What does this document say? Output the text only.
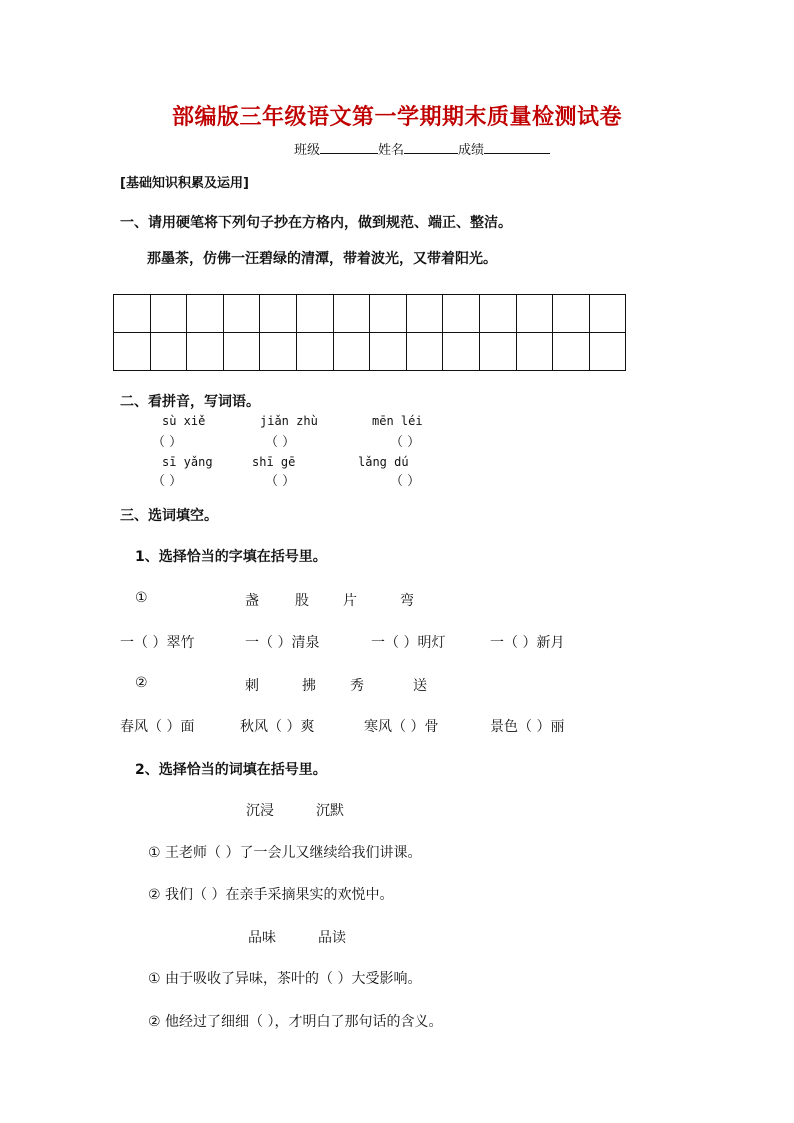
部编版三年级语文第一学期期末质量检测试卷
班级	姓名	成绩
[基础知识积累及运用]
一、请用硬笔将下列句子抄在方格内，做到规范、端正、整洁。
那墨茶，仿佛一汪碧绿的清潭，带着波光，又带着阳光。

二、看拼音，写词语。
sù xiě	jiǎn zhù	mēn léi
（ ）	（ ）	（ ）
sī yǎng	shī gē	lǎng dú
（ ）	（ ）	（ ）
三、选词填空。
1、选择恰当的字填在括号里。
①	盏	股 片	弯
一（ ）翠竹	一（ ）清泉	一（ ）明灯	一（ ）新月
②	刺	拂 秀	送
春风（ ）面	秋风（ ）爽	寒风（ ）骨	景色（ ）丽
2、选择恰当的词填在括号里。
沉浸	沉默
① 王老师（ ）了一会儿又继续给我们讲课。
② 我们（ ）在亲手采摘果实的欢悦中。
品味	品读
① 由于吸收了异味，茶叶的（ ）大受影响。
② 他经过了细细（ ），才明白了那句话的含义。
